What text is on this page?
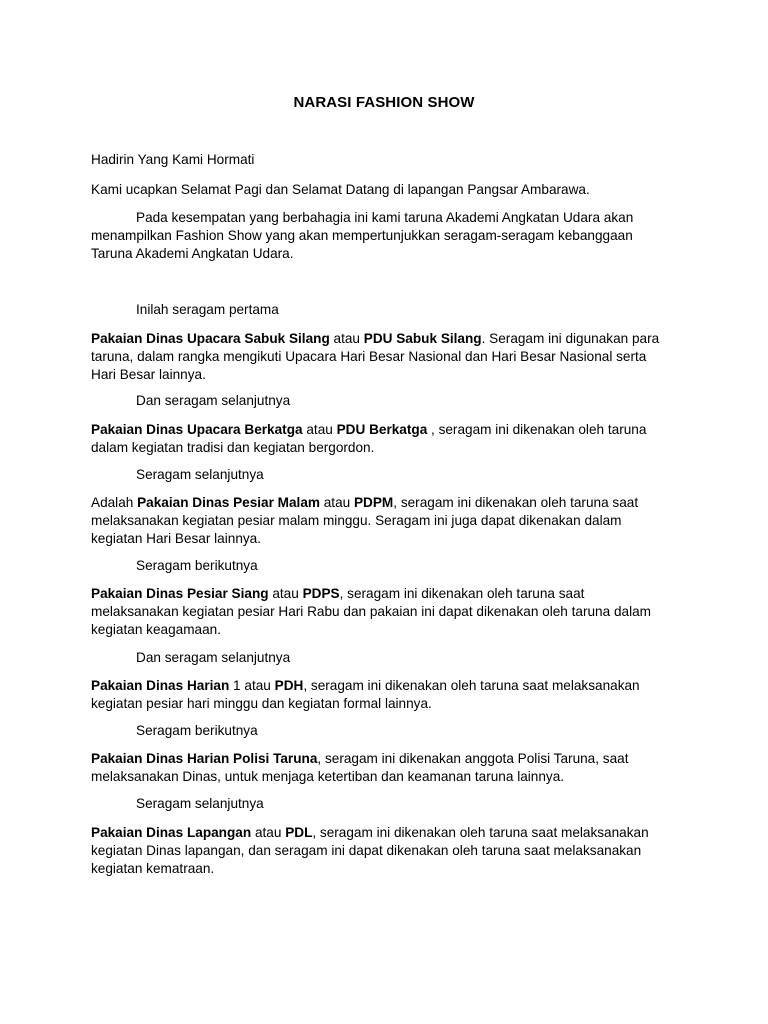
NARASI FASHION SHOW
Hadirin Yang Kami Hormati
Kami ucapkan Selamat Pagi dan Selamat Datang di lapangan Pangsar Ambarawa.
Pada kesempatan yang berbahagia ini kami taruna Akademi Angkatan Udara akan
menampilkan Fashion Show yang akan mempertunjukkan seragam-seragam kebanggaan
Taruna Akademi Angkatan Udara.
Inilah seragam pertama
Pakaian Dinas Upacara Sabuk Silang atau PDU Sabuk Silang. Seragam ini digunakan para
taruna, dalam rangka mengikuti Upacara Hari Besar Nasional dan Hari Besar Nasional serta
Hari Besar lainnya.
Dan seragam selanjutnya
Pakaian Dinas Upacara Berkatga atau PDU Berkatga , seragam ini dikenakan oleh taruna
dalam kegiatan tradisi dan kegiatan bergordon.
Seragam selanjutnya
Adalah Pakaian Dinas Pesiar Malam atau PDPM, seragam ini dikenakan oleh taruna saat
melaksanakan kegiatan pesiar malam minggu. Seragam ini juga dapat dikenakan dalam
kegiatan Hari Besar lainnya.
Seragam berikutnya
Pakaian Dinas Pesiar Siang atau PDPS, seragam ini dikenakan oleh taruna saat
melaksanakan kegiatan pesiar Hari Rabu dan pakaian ini dapat dikenakan oleh taruna dalam
kegiatan keagamaan.
Dan seragam selanjutnya
Pakaian Dinas Harian 1 atau PDH, seragam ini dikenakan oleh taruna saat melaksanakan
kegiatan pesiar hari minggu dan kegiatan formal lainnya.
Seragam berikutnya
Pakaian Dinas Harian Polisi Taruna, seragam ini dikenakan anggota Polisi Taruna, saat
melaksanakan Dinas, untuk menjaga ketertiban dan keamanan taruna lainnya.
Seragam selanjutnya
Pakaian Dinas Lapangan atau PDL, seragam ini dikenakan oleh taruna saat melaksanakan
kegiatan Dinas lapangan, dan seragam ini dapat dikenakan oleh taruna saat melaksanakan
kegiatan kematraan.
